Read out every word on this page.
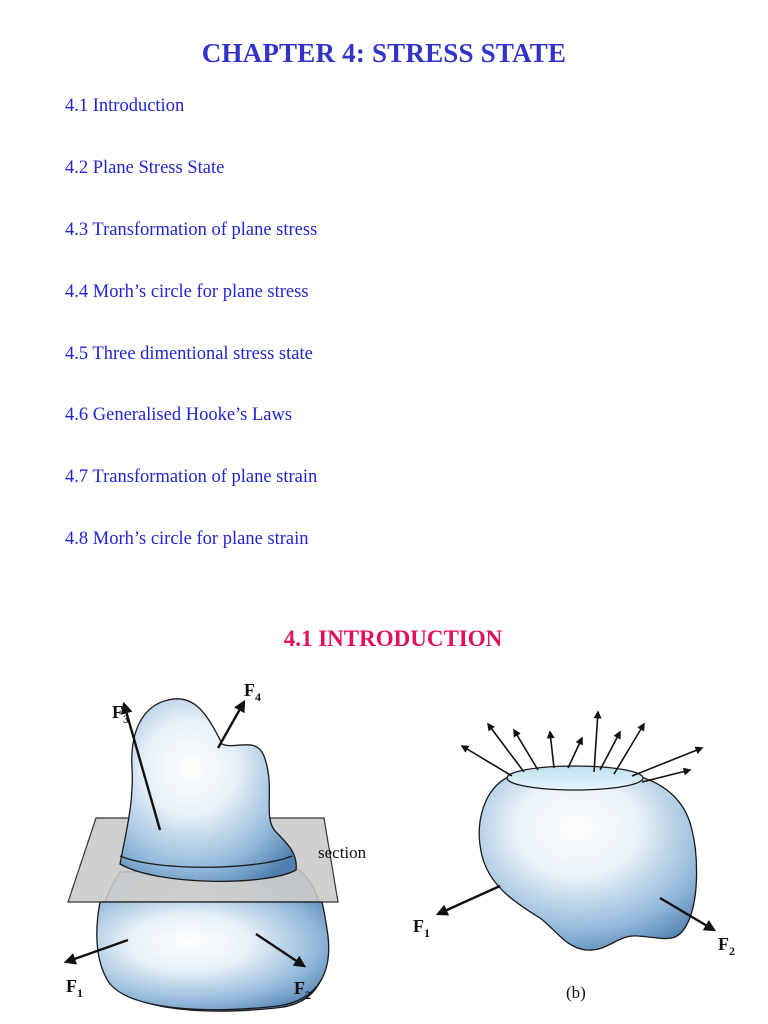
CHAPTER 4: STRESS STATE
4.1 Introduction
4.2 Plane Stress State
4.3 Transformation of plane stress
4.4 Morh’s circle for plane stress
4.5 Three dimentional stress state
4.6 Generalised Hooke’s Laws
4.7 Transformation of plane strain
4.8 Morh’s circle for plane strain
4.1 INTRODUCTION
$F_3$
$F_4$
$F_1$	$F_2$
section
$F_1$
$F_2$
(b)
